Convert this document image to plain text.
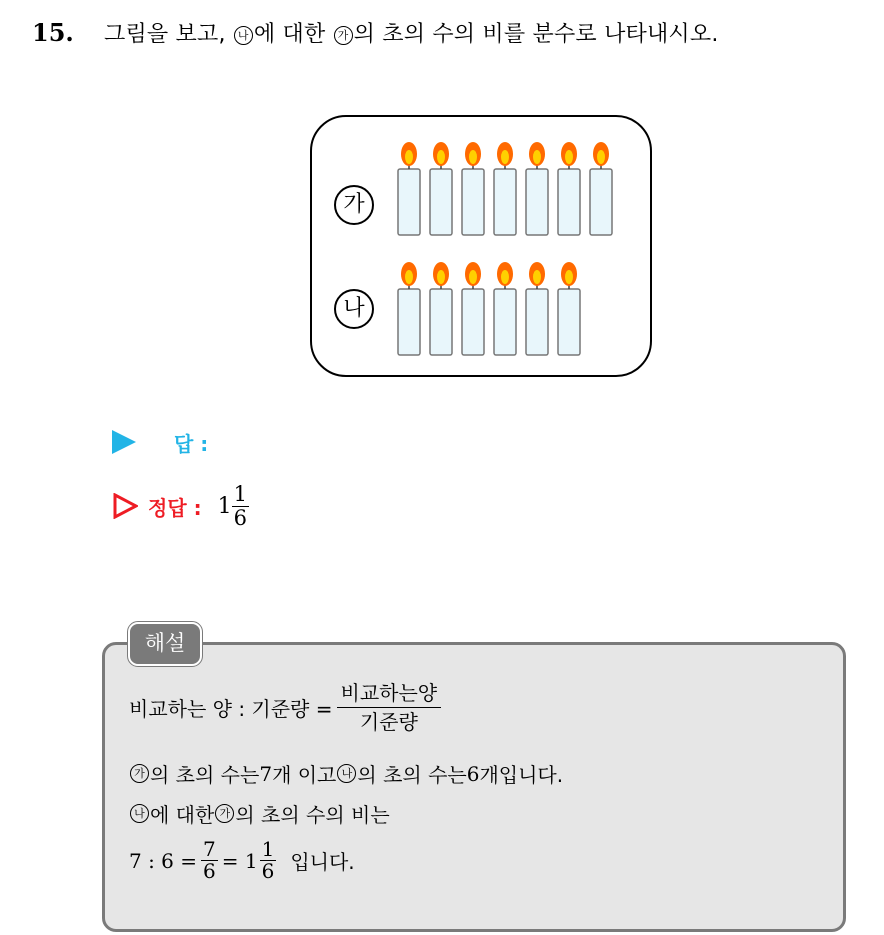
15.	그림을 보고, 나 에 대한 가 의 초의 수의 비를 분수로 나타내시오.
가
나
답 :
정답 : $1 \frac{1}{6}$
해설
비교하는 양 : 기준량 =
비교하는양
기준량
가 의 초의 수는 7 개 이고 나 의 초의 수는 6 개입니다.
나 에 대한 가 의 초의 수의 비는
7 : $6 = \frac{7}{6} = 1 \frac{1}{6}$ 입니다.
